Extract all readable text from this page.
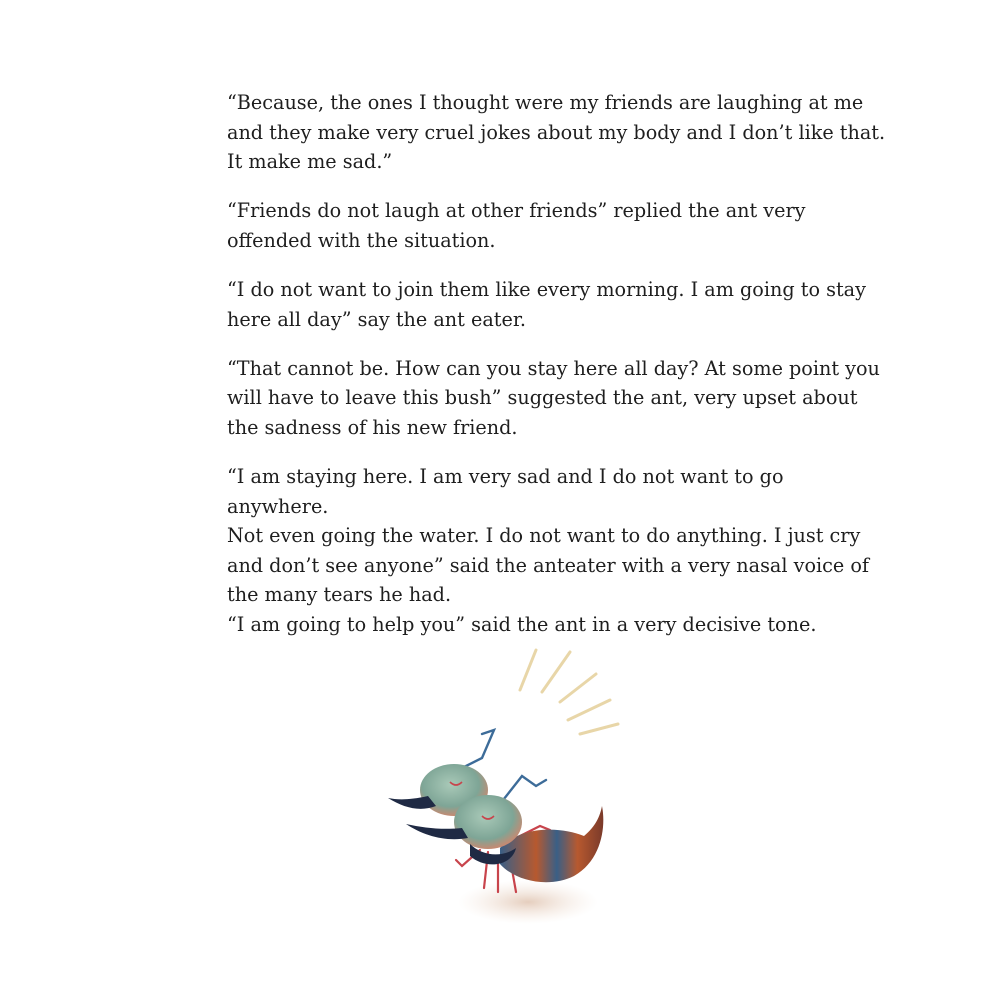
“Because, the ones I thought were my friends are laughing at me
and they make very cruel jokes about my body and I don’t like that.
It make me sad.”

“Friends do not laugh at other friends” replied the ant very
offended with the situation.

“I do not want to join them like every morning. I am going to stay
here all day” say the ant eater.

“That cannot be. How can you stay here all day? At some point you
will have to leave this bush” suggested the ant, very upset about
the sadness of his new friend.

“I am staying here. I am very sad and I do not want to go anywhere.
Not even going the water. I do not want to do anything. I just cry
and don’t see anyone” said the anteater with a very nasal voice of
the many tears he had.

“I am going to help you” said the ant in a very decisive tone.
